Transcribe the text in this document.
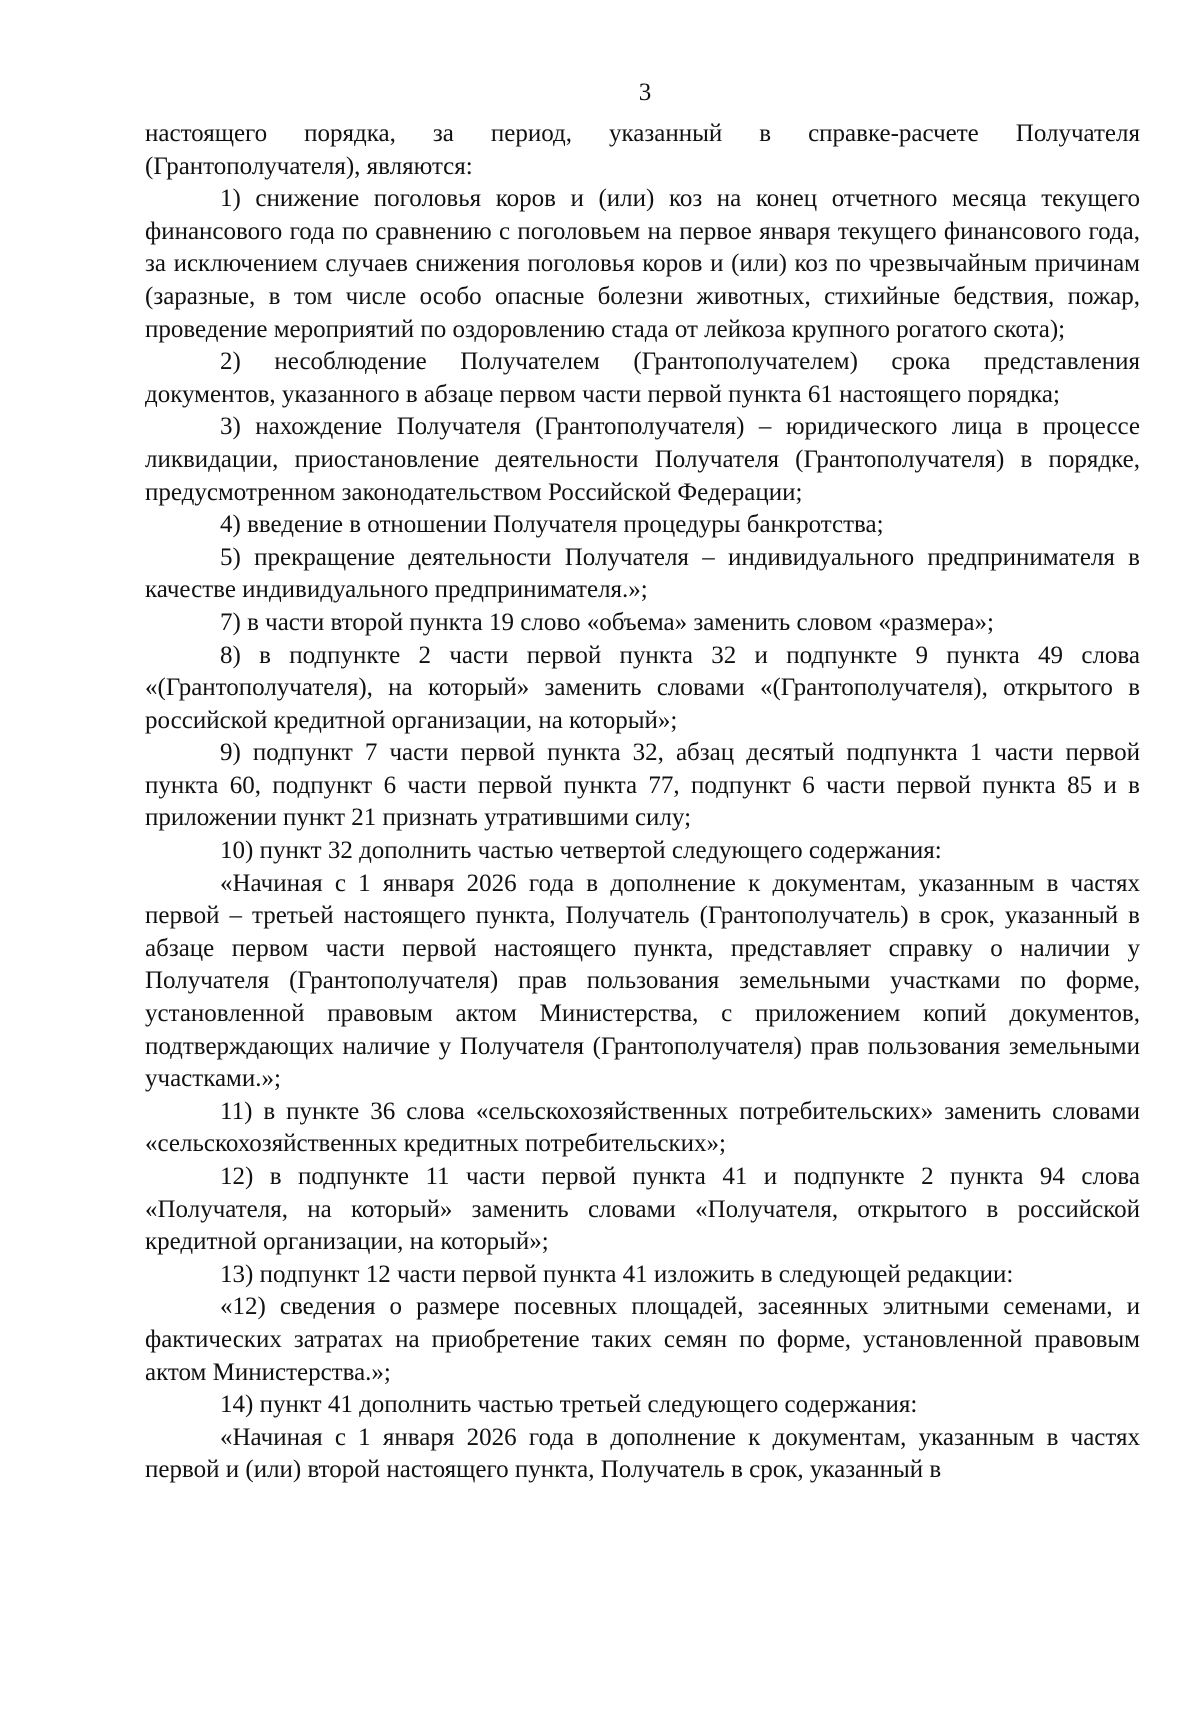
3

настоящего порядка, за период, указанный в справке-расчете Получателя (Грантополучателя), являются:

1) снижение поголовья коров и (или) коз на конец отчетного месяца текущего финансового года по сравнению с поголовьем на первое января текущего финансового года, за исключением случаев снижения поголовья коров и (или) коз по чрезвычайным причинам (заразные, в том числе особо опасные болезни животных, стихийные бедствия, пожар, проведение мероприятий по оздоровлению стада от лейкоза крупного рогатого скота);

2) несоблюдение Получателем (Грантополучателем) срока представления документов, указанного в абзаце первом части первой пункта 61 настоящего порядка;

3) нахождение Получателя (Грантополучателя) – юридического лица в процессе ликвидации, приостановление деятельности Получателя (Грантополучателя) в порядке, предусмотренном законодательством Российской Федерации;

4) введение в отношении Получателя процедуры банкротства;

5) прекращение деятельности Получателя – индивидуального предпринимателя в качестве индивидуального предпринимателя.»;

7) в части второй пункта 19 слово «объема» заменить словом «размера»;

8) в подпункте 2 части первой пункта 32 и подпункте 9 пункта 49 слова «(Грантополучателя), на который» заменить словами «(Грантополучателя), открытого в российской кредитной организации, на который»;

9) подпункт 7 части первой пункта 32, абзац десятый подпункта 1 части первой пункта 60, подпункт 6 части первой пункта 77, подпункт 6 части первой пункта 85 и в приложении пункт 21 признать утратившими силу;

10) пункт 32 дополнить частью четвертой следующего содержания:

«Начиная с 1 января 2026 года в дополнение к документам, указанным в частях первой – третьей настоящего пункта, Получатель (Грантополучатель) в срок, указанный в абзаце первом части первой настоящего пункта, представляет справку о наличии у Получателя (Грантополучателя) прав пользования земельными участками по форме, установленной правовым актом Министерства, с приложением копий документов, подтверждающих наличие у Получателя (Грантополучателя) прав пользования земельными участками.»;

11) в пункте 36 слова «сельскохозяйственных потребительских» заменить словами «сельскохозяйственных кредитных потребительских»;

12) в подпункте 11 части первой пункта 41 и подпункте 2 пункта 94 слова «Получателя, на который» заменить словами «Получателя, открытого в российской кредитной организации, на который»;

13) подпункт 12 части первой пункта 41 изложить в следующей редакции:

«12) сведения о размере посевных площадей, засеянных элитными семенами, и фактических затратах на приобретение таких семян по форме, установленной правовым актом Министерства.»;

14) пункт 41 дополнить частью третьей следующего содержания:

«Начиная с 1 января 2026 года в дополнение к документам, указанным в частях первой и (или) второй настоящего пункта, Получатель в срок, указанный в
